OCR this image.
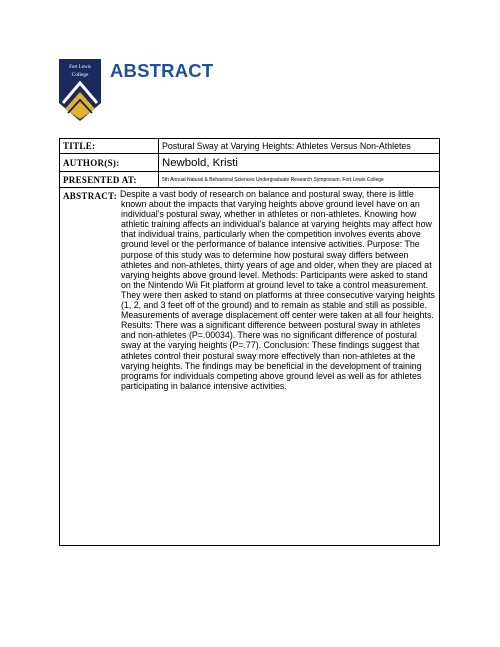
Fort Lewis
College ABSTRACT
TITLE:	Postural Sway at Varying Heights: Athletes Versus Non-Athletes
AUTHOR(S):	Newbold, Kristi
PRESENTED AT:	5th Annual Natural & Behavioral Sciences Undergraduate Research Symposium, Fort Lewis College
ABSTRACT: Despite a vast body of research on balance and postural sway, there is little known about the impacts that varying heights above ground level have on an individual's postural sway, whether in athletes or non-athletes. Knowing how athletic training affects an individual's balance at varying heights may affect how that individual trains, particularly when the competition involves events above ground level or the performance of balance intensive activities. Purpose: The purpose of this study was to determine how postural sway differs between athletes and non-athletes, thirty years of age and older, when they are placed at varying heights above ground level. Methods: Participants were asked to stand on the Nintendo Wii Fit platform at ground level to take a control measurement. They were then asked to stand on platforms at three consecutive varying heights (1, 2, and 3 feet off of the ground) and to remain as stable and still as possible. Measurements of average displacement off center were taken at all four heights. Results: There was a significant difference between postural sway in athletes and non-athletes (P=.00034). There was no significant difference of postural sway at the varying heights (P=.77). Conclusion: These findings suggest that athletes control their postural sway more effectively than non-athletes at the varying heights. The findings may be beneficial in the development of training programs for individuals competing above ground level as well as for athletes participating in balance intensive activities.
